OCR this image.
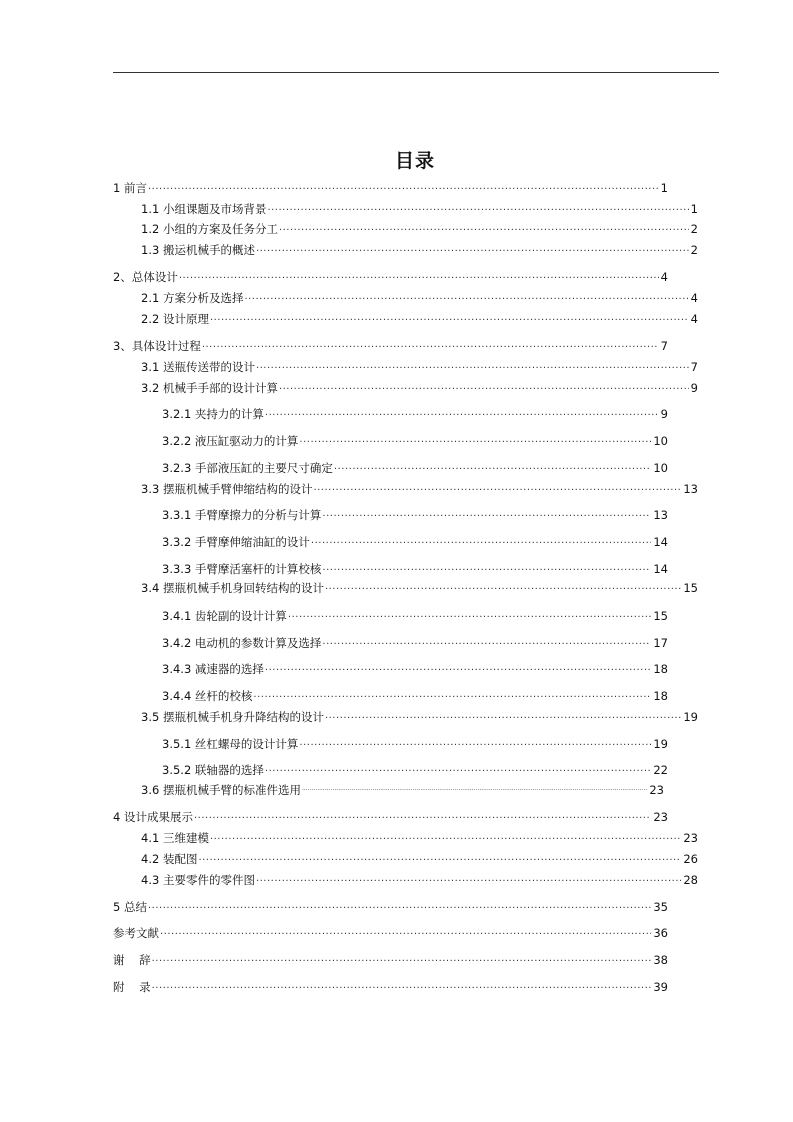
目录
1 前言 .....	1
1.1 小组课题及市场背景 .....	1
1.2 小组的方案及任务分工 .....	2
1.3 搬运机械手的概述 .....	2
2、总体设计 .....	4
2.1 方案分析及选择 .....	4
2.2 设计原理 .....	4
3、具体设计过程 .....	7
3.1 送瓶传送带的设计 .....	7
3.2 机械手手部的设计计算 .....	9
3.2.1 夹持力的计算 .....	9
3.2.2 液压缸驱动力的计算 .....	10
3.2.3 手部液压缸的主要尺寸确定 .....	10
3.3 摆瓶机械手臂伸缩结构的设计 .....	13
3.3.1 手臂摩擦力的分析与计算 .....	13
3.3.2 手臂摩伸缩油缸的设计 .....	14
3.3.3 手臂摩活塞杆的计算校核 .....	14
3.4 摆瓶机械手机身回转结构的设计 .....	15
3.4.1 齿轮副的设计计算 .....	15
3.4.2 电动机的参数计算及选择 .....	17
3.4.3 减速器的选择 .....	18
3.4.4 丝杆的校核 .....	18
3.5 摆瓶机械手机身升降结构的设计 .....	19
3.5.1 丝杠螺母的设计计算 .....	19
3.5.2 联轴器的选择 .....	22
3.6 摆瓶机械手臂的标准件选用 .....	23
4 设计成果展示 .....	23
4.1 三维建模 .....	23
4.2 装配图 .....	26
4.3 主要零件的零件图 .....	28
5 总结 .....	35
参考文献 .....	36
谢    辞 .....	38
附    录 .....	39
